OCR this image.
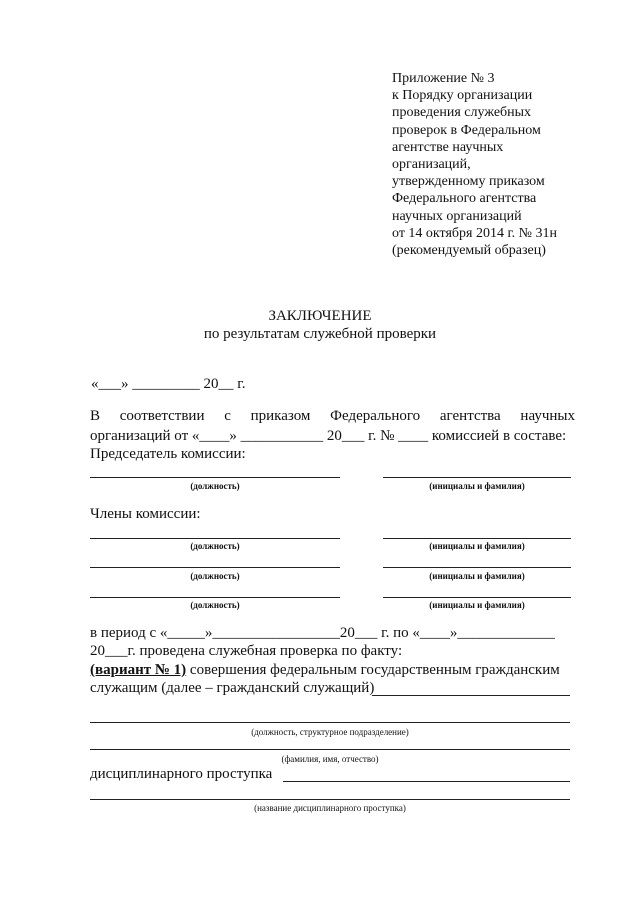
Приложение № 3
к Порядку организации
проведения служебных
проверок в Федеральном
агентстве научных
организаций,
утвержденному приказом
Федерального агентства
научных организаций
от 14 октября 2014 г. № 31н
(рекомендуемый образец)
ЗАКЛЮЧЕНИЕ
по результатам служебной проверки
«___» _________ 20__ г.
В соответствии с приказом Федерального агентства научных
организаций от «____» ___________ 20___ г. № ____ комиссией в составе:
Председатель комиссии:
(должность)	(инициалы и фамилия)
Члены комиссии:
(должность)	(инициалы и фамилия)
(должность)	(инициалы и фамилия)
(должность)	(инициалы и фамилия)
в период с «_____»_________________20___ г. по «____»_____________
20___г. проведена служебная проверка по факту:
(вариант № 1) совершения федеральным государственным гражданским
служащим (далее – гражданский служащий)
(должность, структурное подразделение)
(фамилия, имя, отчество)
дисциплинарного проступка
(название дисциплинарного проступка)
